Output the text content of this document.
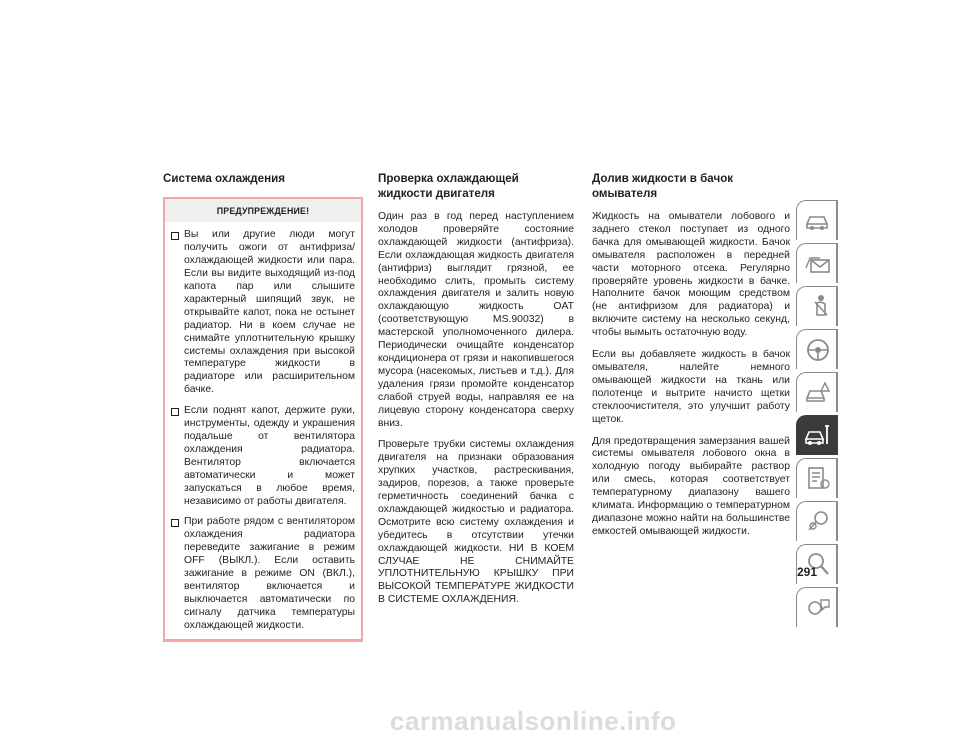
Система охлаждения
ПРЕДУПРЕЖДЕНИЕ!
Вы или другие люди могут получить ожоги от антифриза/охлаждающей жидкости или пара. Если вы видите выходящий из-под капота пар или слышите характерный шипящий звук, не открывайте капот, пока не остынет радиатор. Ни в коем случае не снимайте уплотнительную крышку системы охлаждения при высокой температуре жидкости в радиаторе или расширительном бачке.
Если поднят капот, держите руки, инструменты, одежду и украшения подальше от вентилятора охлаждения радиатора. Вентилятор включается автоматически и может запускаться в любое время, независимо от работы двигателя.
При работе рядом с вентилятором охлаждения радиатора переведите зажигание в режим OFF (ВЫКЛ.). Если оставить зажигание в режиме ON (ВКЛ.), вентилятор включается и выключается автоматически по сигналу датчика температуры охлаждающей жидкости.
Проверка охлаждающей жидкости двигателя

Один раз в год перед наступлением холодов проверяйте состояние охлаждающей жидкости (антифриза). Если охлаждающая жидкость двигателя (антифриз) выглядит грязной, ее необходимо слить, промыть систему охлаждения двигателя и залить новую охлаждающую жидкость OAT (соответствующую MS.90032) в мастерской уполномоченного дилера. Периодически очищайте конденсатор кондиционера от грязи и накопившегося мусора (насекомых, листьев и т.д.). Для удаления грязи промойте конденсатор слабой струей воды, направляя ее на лицевую сторону конденсатора сверху вниз.

Проверьте трубки системы охлаждения двигателя на признаки образования хрупких участков, растрескивания, задиров, порезов, а также проверьте герметичность соединений бачка с охлаждающей жидкостью и радиатора. Осмотрите всю систему охлаждения и убедитесь в отсутствии утечки охлаждающей жидкости. НИ В КОЕМ СЛУЧАЕ НЕ СНИМАЙТЕ УПЛОТНИТЕЛЬНУЮ КРЫШКУ ПРИ ВЫСОКОЙ ТЕМПЕРАТУРЕ ЖИДКОСТИ В СИСТЕМЕ ОХЛАЖДЕНИЯ.

Долив жидкости в бачок омывателя

Жидкость на омыватели лобового и заднего стекол поступает из одного бачка для омывающей жидкости. Бачок омывателя расположен в передней части моторного отсека. Регулярно проверяйте уровень жидкости в бачке. Наполните бачок моющим средством (не антифризом для радиатора) и включите систему на несколько секунд, чтобы вымыть остаточную воду.

Если вы добавляете жидкость в бачок омывателя, налейте немного омывающей жидкости на ткань или полотенце и вытрите начисто щетки стеклоочистителя, это улучшит работу щеток.

Для предотвращения замерзания вашей системы омывателя лобового окна в холодную погоду выбирайте раствор или смесь, которая соответствует температурному диапазону вашего климата. Информацию о температурном диапазоне можно найти на большинстве емкостей омывающей жидкости.

291
carmanualsonline.info
